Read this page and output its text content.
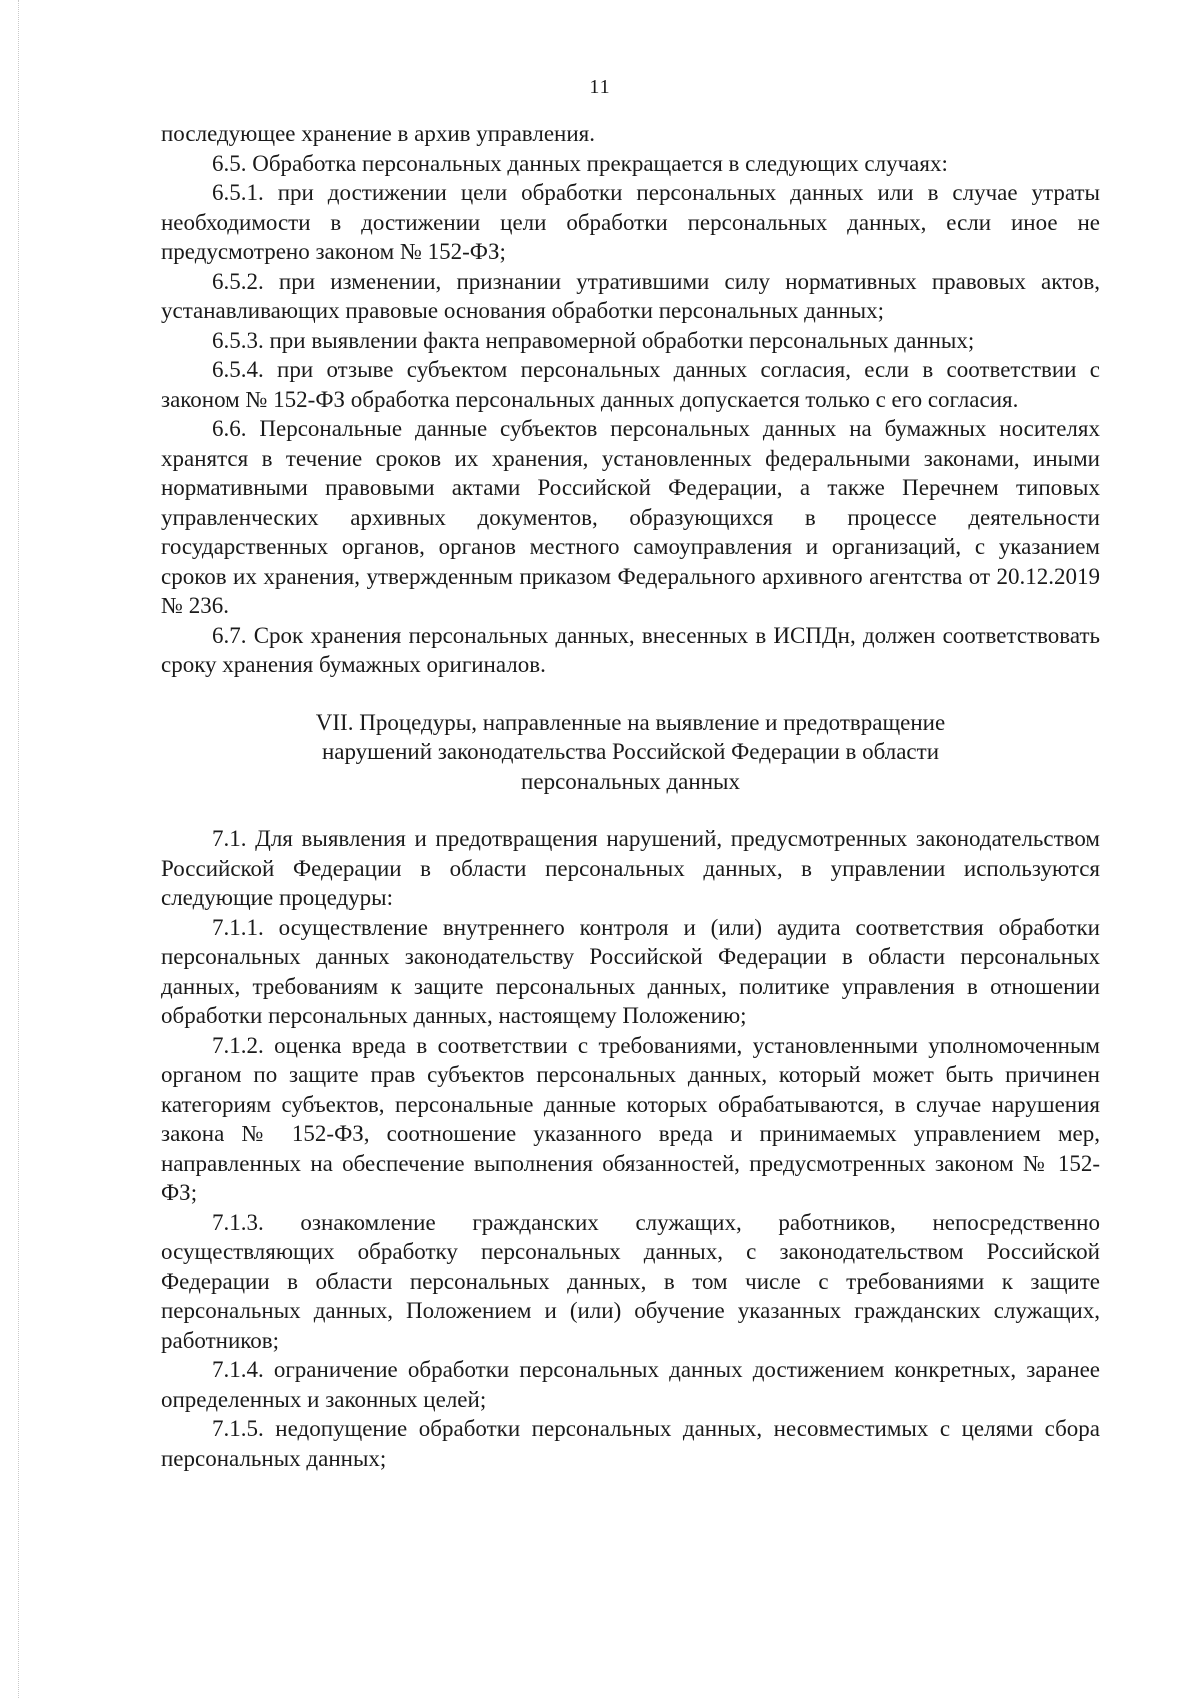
11

последующее хранение в архив управления.

6.5. Обработка персональных данных прекращается в следующих случаях:

6.5.1. при достижении цели обработки персональных данных или в случае утраты необходимости в достижении цели обработки персональных данных, если иное не предусмотрено законом № 152-ФЗ;

6.5.2. при изменении, признании утратившими силу нормативных правовых актов, устанавливающих правовые основания обработки персональных данных;

6.5.3. при выявлении факта неправомерной обработки персональных данных;

6.5.4. при отзыве субъектом персональных данных согласия, если в соответствии с законом № 152-ФЗ обработка персональных данных допускается только с его согласия.

6.6. Персональные данные субъектов персональных данных на бумажных носителях хранятся в течение сроков их хранения, установленных федеральными законами, иными нормативными правовыми актами Российской Федерации, а также Перечнем типовых управленческих архивных документов, образующихся в процессе деятельности государственных органов, органов местного самоуправления и организаций, с указанием сроков их хранения, утвержденным приказом Федерального архивного агентства от 20.12.2019 № 236.

6.7. Срок хранения персональных данных, внесенных в ИСПДн, должен соответствовать сроку хранения бумажных оригиналов.

VII. Процедуры, направленные на выявление и предотвращение
нарушений законодательства Российской Федерации в области
персональных данных

7.1. Для выявления и предотвращения нарушений, предусмотренных законодательством Российской Федерации в области персональных данных, в управлении используются следующие процедуры:

7.1.1. осуществление внутреннего контроля и (или) аудита соответствия обработки персональных данных законодательству Российской Федерации в области персональных данных, требованиям к защите персональных данных, политике управления в отношении обработки персональных данных, настоящему Положению;

7.1.2. оценка вреда в соответствии с требованиями, установленными уполномоченным органом по защите прав субъектов персональных данных, который может быть причинен категориям субъектов, персональные данные которых обрабатываются, в случае нарушения закона № 152-ФЗ, соотношение указанного вреда и принимаемых управлением мер, направленных на обеспечение выполнения обязанностей, предусмотренных законом № 152-ФЗ;

7.1.3. ознакомление гражданских служащих, работников, непосредственно осуществляющих обработку персональных данных, с законодательством Российской Федерации в области персональных данных, в том числе с требованиями к защите персональных данных, Положением и (или) обучение указанных гражданских служащих, работников;

7.1.4. ограничение обработки персональных данных достижением конкретных, заранее определенных и законных целей;

7.1.5. недопущение обработки персональных данных, несовместимых с целями сбора персональных данных;
